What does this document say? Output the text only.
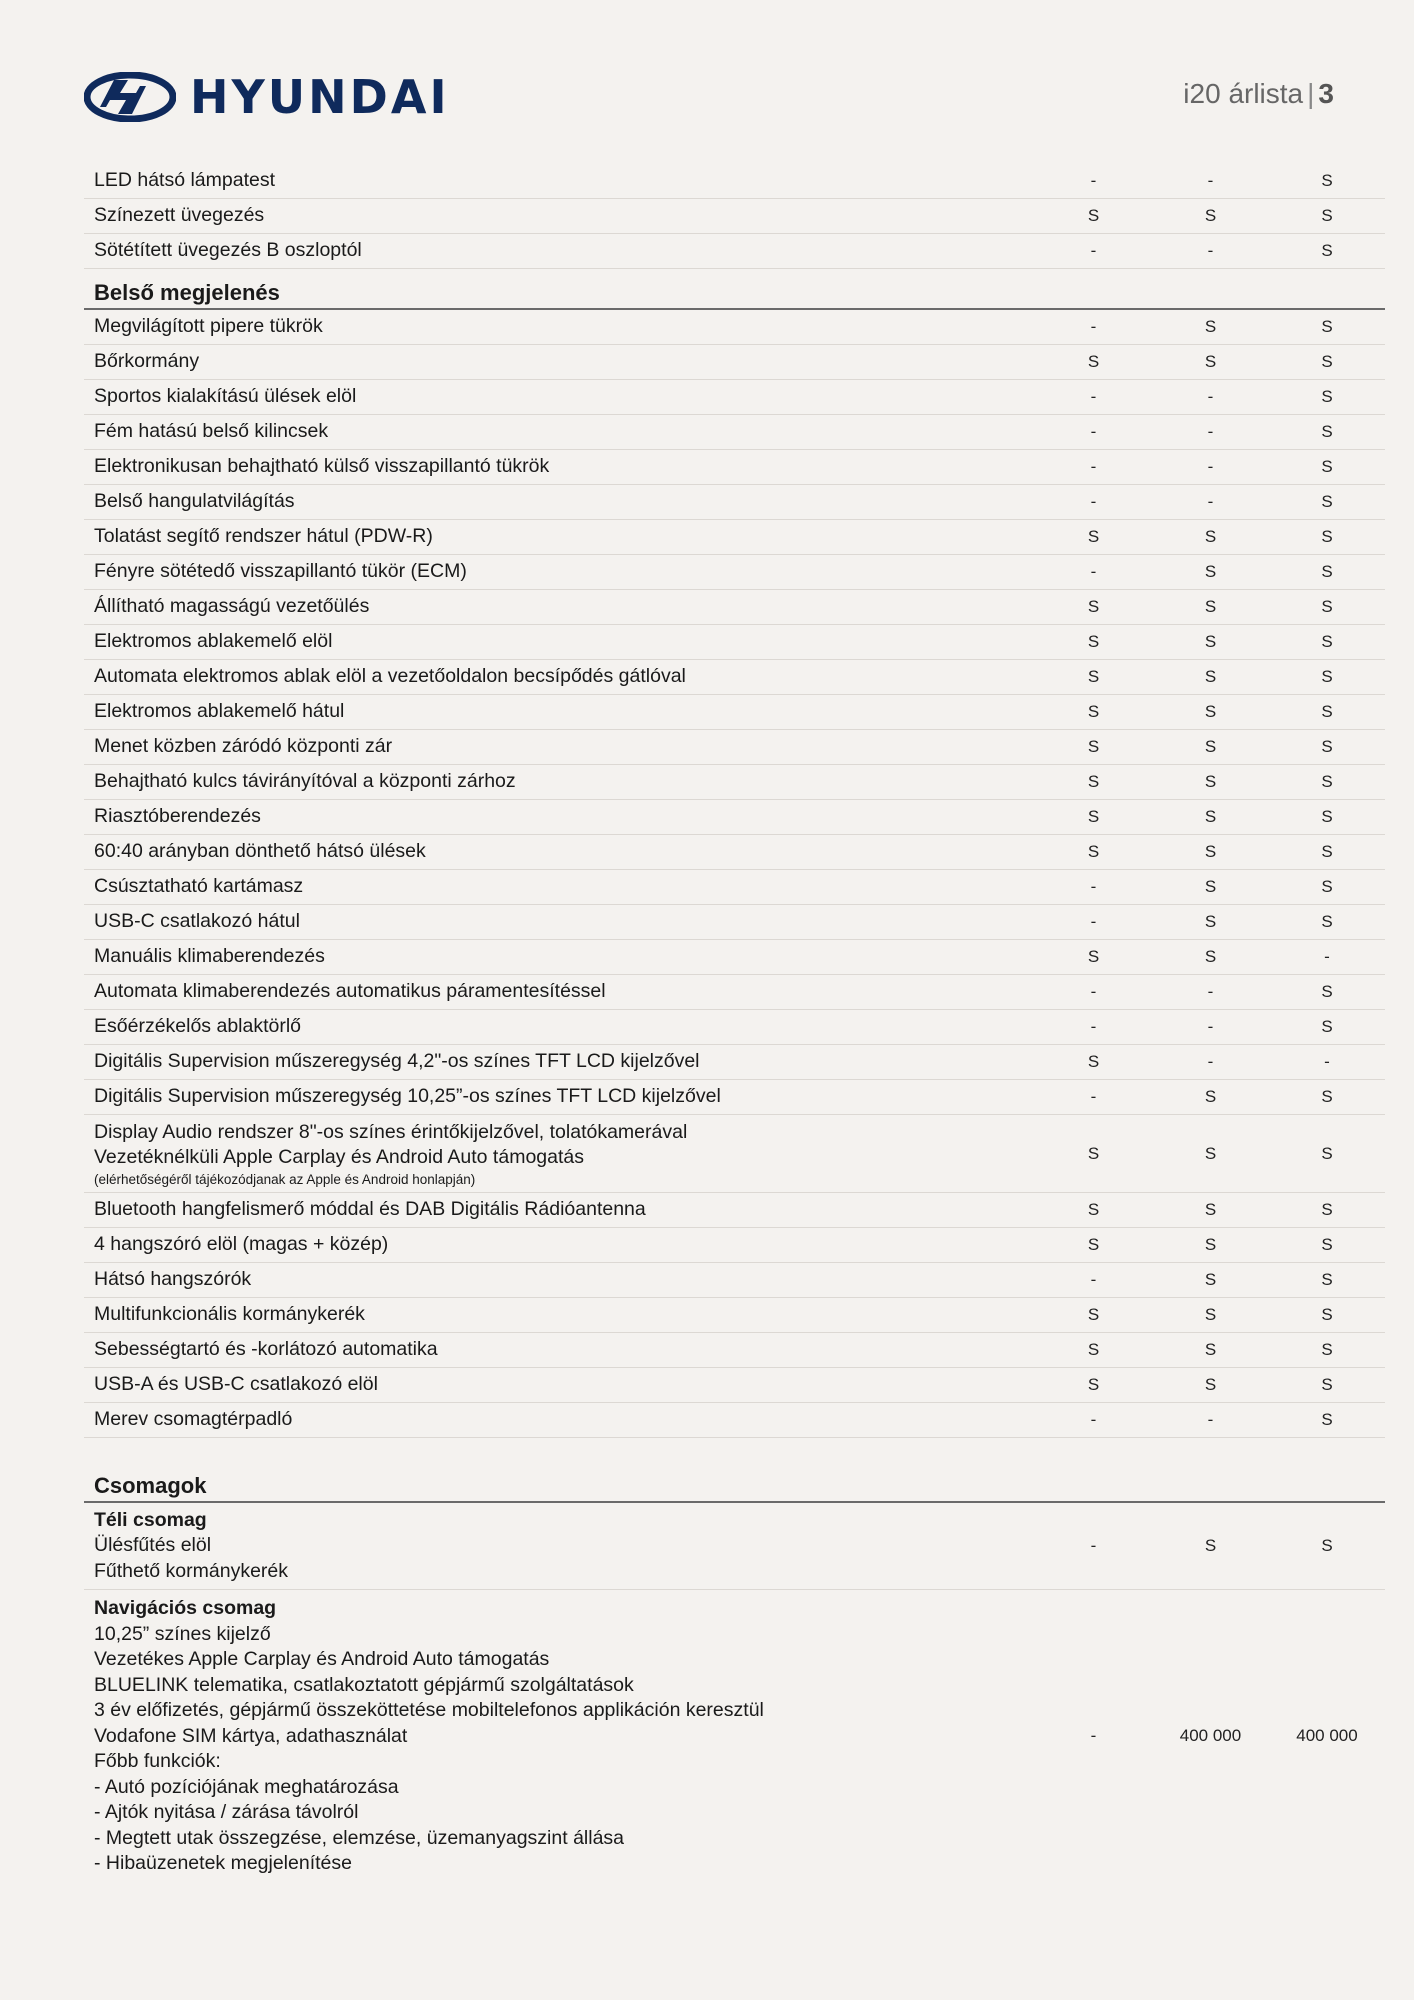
HYUNDAI	i20 árlista | 3
LED hátsó lámpatest	-	-	S
Színezett üvegezés	S	S	S
Sötétített üvegezés B oszloptól	-	-	S
Belső megjelenés
Megvilágított pipere tükrök	-	S	S
Bőrkormány	S	S	S
Sportos kialakítású ülések elöl	-	-	S
Fém hatású belső kilincsek	-	-	S
Elektronikusan behajtható külső visszapillantó tükrök	-	-	S
Belső hangulatvilágítás	-	-	S
Tolatást segítő rendszer hátul (PDW-R)	S	S	S
Fényre sötétedő visszapillantó tükör (ECM)	-	S	S
Állítható magasságú vezetőülés	S	S	S
Elektromos ablakemelő elöl	S	S	S
Automata elektromos ablak elöl a vezetőoldalon becsípődés gátlóval	S	S	S
Elektromos ablakemelő hátul	S	S	S
Menet közben záródó központi zár	S	S	S
Behajtható kulcs távirányítóval a központi zárhoz	S	S	S
Riasztóberendezés	S	S	S
60:40 arányban dönthető hátsó ülések	S	S	S
Csúsztatható kartámasz	-	S	S
USB-C csatlakozó hátul	-	S	S
Manuális klimaberendezés	S	S	-
Automata klimaberendezés automatikus páramentesítéssel	-	-	S
Esőérzékelős ablaktörlő	-	-	S
Digitális Supervision műszeregység 4,2"-os színes TFT LCD kijelzővel	S	-	-
Digitális Supervision műszeregység 10,25”-os színes TFT LCD kijelzővel	-	S	S
Display Audio rendszer 8"-os színes érintőkijelzővel, tolatókamerával
Vezetéknélküli Apple Carplay és Android Auto támogatás
(elérhetőségéről tájékozódjanak az Apple és Android honlapján)
S	S	S
Bluetooth hangfelismerő móddal és DAB Digitális Rádióantenna	S	S	S
4 hangszóró elöl (magas + közép)	S	S	S
Hátsó hangszórók	-	S	S
Multifunkcionális kormánykerék	S	S	S
Sebességtartó és -korlátozó automatika	S	S	S
USB-A és USB-C csatlakozó elöl	S	S	S
Merev csomagtérpadló	-	-	S
Csomagok
Téli csomag
Ülésfűtés elöl
Fűthető kormánykerék
-	S	S
Navigációs csomag
10,25” színes kijelző
Vezetékes Apple Carplay és Android Auto támogatás
BLUELINK telematika, csatlakoztatott gépjármű szolgáltatások
3 év előfizetés, gépjármű összeköttetése mobiltelefonos applikáción keresztül
Vodafone SIM kártya, adathasználat
Főbb funkciók:
- Autó pozíciójának meghatározása
- Ajtók nyitása / zárása távolról
- Megtett utak összegzése, elemzése, üzemanyagszint állása
- Hibaüzenetek megjelenítése
-	400 000	400 000
